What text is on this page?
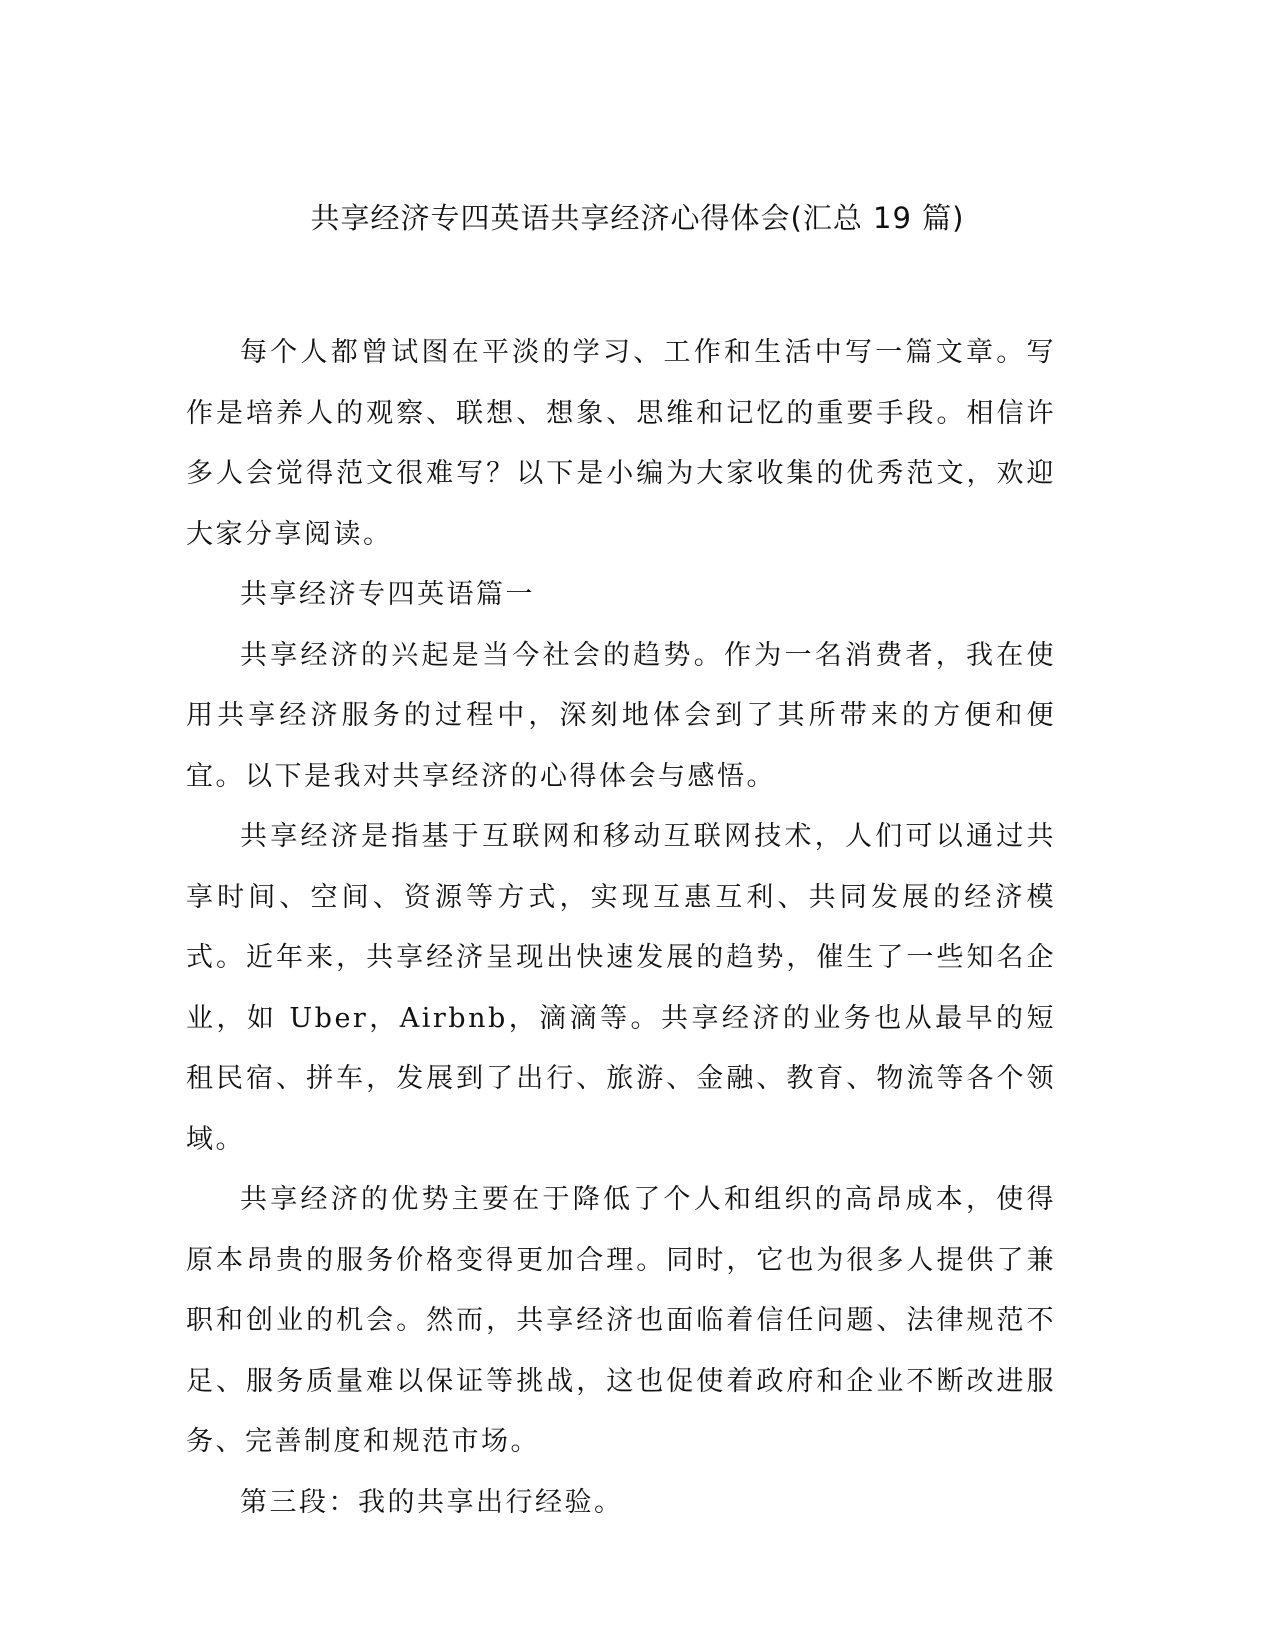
共享经济专四英语共享经济心得体会(汇总 19 篇)

每个人都曾试图在平淡的学习、工作和生活中写一篇文章。写作是培养人的观察、联想、想象、思维和记忆的重要手段。相信许多人会觉得范文很难写？以下是小编为大家收集的优秀范文，欢迎大家分享阅读。

共享经济专四英语篇一

共享经济的兴起是当今社会的趋势。作为一名消费者，我在使用共享经济服务的过程中，深刻地体会到了其所带来的方便和便宜。以下是我对共享经济的心得体会与感悟。

共享经济是指基于互联网和移动互联网技术，人们可以通过共享时间、空间、资源等方式，实现互惠互利、共同发展的经济模式。近年来，共享经济呈现出快速发展的趋势，催生了一些知名企业，如 Uber，Airbnb，滴滴等。共享经济的业务也从最早的短租民宿、拼车，发展到了出行、旅游、金融、教育、物流等各个领域。

共享经济的优势主要在于降低了个人和组织的高昂成本，使得原本昂贵的服务价格变得更加合理。同时，它也为很多人提供了兼职和创业的机会。然而，共享经济也面临着信任问题、法律规范不足、服务质量难以保证等挑战，这也促使着政府和企业不断改进服务、完善制度和规范市场。

第三段：我的共享出行经验。
